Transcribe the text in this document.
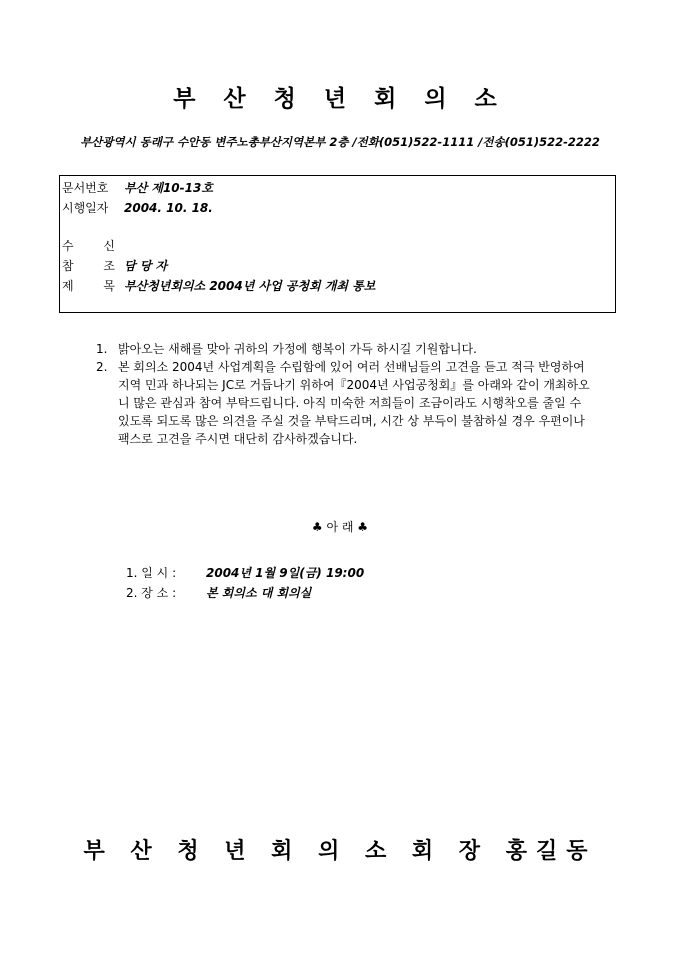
부 산 청 년 회 의 소
부산광역시 동래구 수안동 변주노총부산지역본부 2층 /전화(051)522-1111 /전송(051)522-2222
문서번호 부산 제10-13호
시행일자 2004. 10. 18.
수 신
참 조담 당 자
제 목부산청년회의소 2004년 사업 공청회 개최 통보
1. 밝아오는 새해를 맞아 귀하의 가정에 행복이 가득 하시길 기원합니다.
2. 본 회의소 2004년 사업계획을 수립함에 있어 여러 선배님들의 고견을 듣고 적극 반영하여 지역 민과 하나되는 JC로 거듭나기 위하여『2004년 사업공청회』를 아래와 같이 개최하오니 많은 관심과 참여 부탁드립니다. 아직 미숙한 저희들이 조금이라도 시행착오를 줄일 수 있도록 되도록 많은 의견을 주실 것을 부탁드리며, 시간 상 부득이 불참하실 경우 우편이나 팩스로 고견을 주시면 대단히 감사하겠습니다.
♣ 아 래 ♣
1. 일 시 : 2004년 1월 9일(금) 19:00
2. 장 소 : 본 회의소 대 회의실
부 산 청 년 회 의 소 회 장 홍길동
